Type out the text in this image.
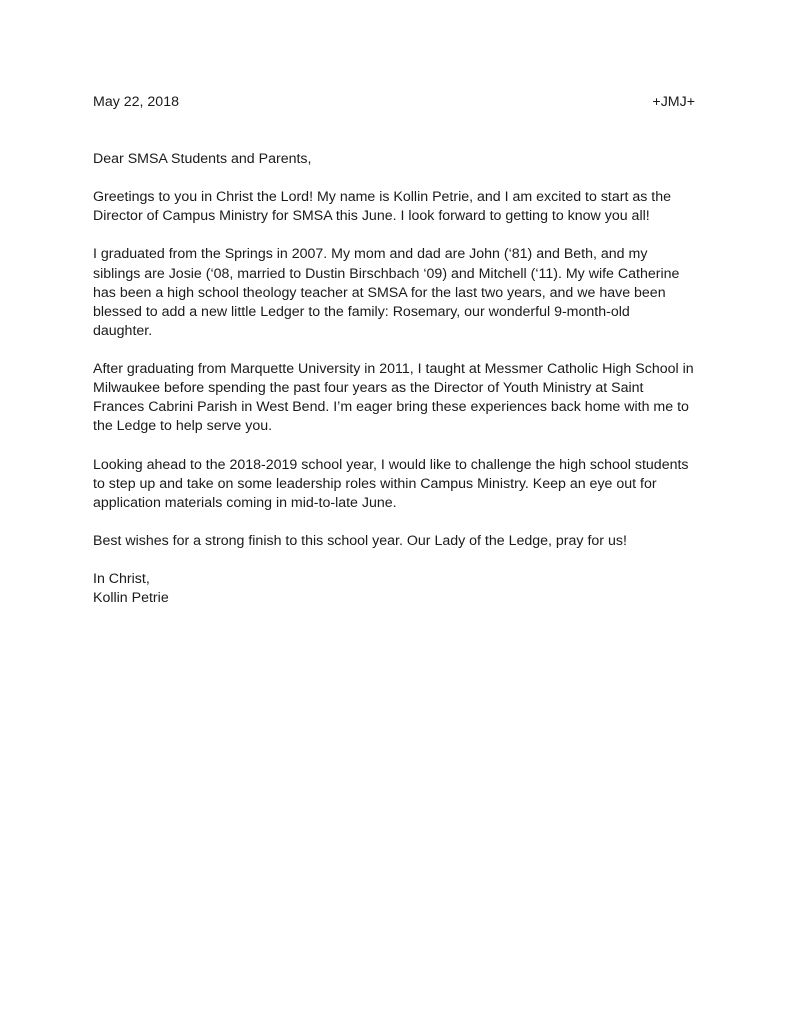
May 22, 2018	+JMJ+
Dear SMSA Students and Parents,
Greetings to you in Christ the Lord! My name is Kollin Petrie, and I am excited to start as the
Director of Campus Ministry for SMSA this June. I look forward to getting to know you all!
I graduated from the Springs in 2007. My mom and dad are John (‘81) and Beth, and my
siblings are Josie (‘08, married to Dustin Birschbach ‘09) and Mitchell (‘11). My wife Catherine
has been a high school theology teacher at SMSA for the last two years, and we have been
blessed to add a new little Ledger to the family: Rosemary, our wonderful 9-month-old
daughter.
After graduating from Marquette University in 2011, I taught at Messmer Catholic High School in
Milwaukee before spending the past four years as the Director of Youth Ministry at Saint
Frances Cabrini Parish in West Bend. I’m eager bring these experiences back home with me to
the Ledge to help serve you.
Looking ahead to the 2018-2019 school year, I would like to challenge the high school students
to step up and take on some leadership roles within Campus Ministry. Keep an eye out for
application materials coming in mid-to-late June.
Best wishes for a strong finish to this school year. Our Lady of the Ledge, pray for us!
In Christ,
Kollin Petrie
